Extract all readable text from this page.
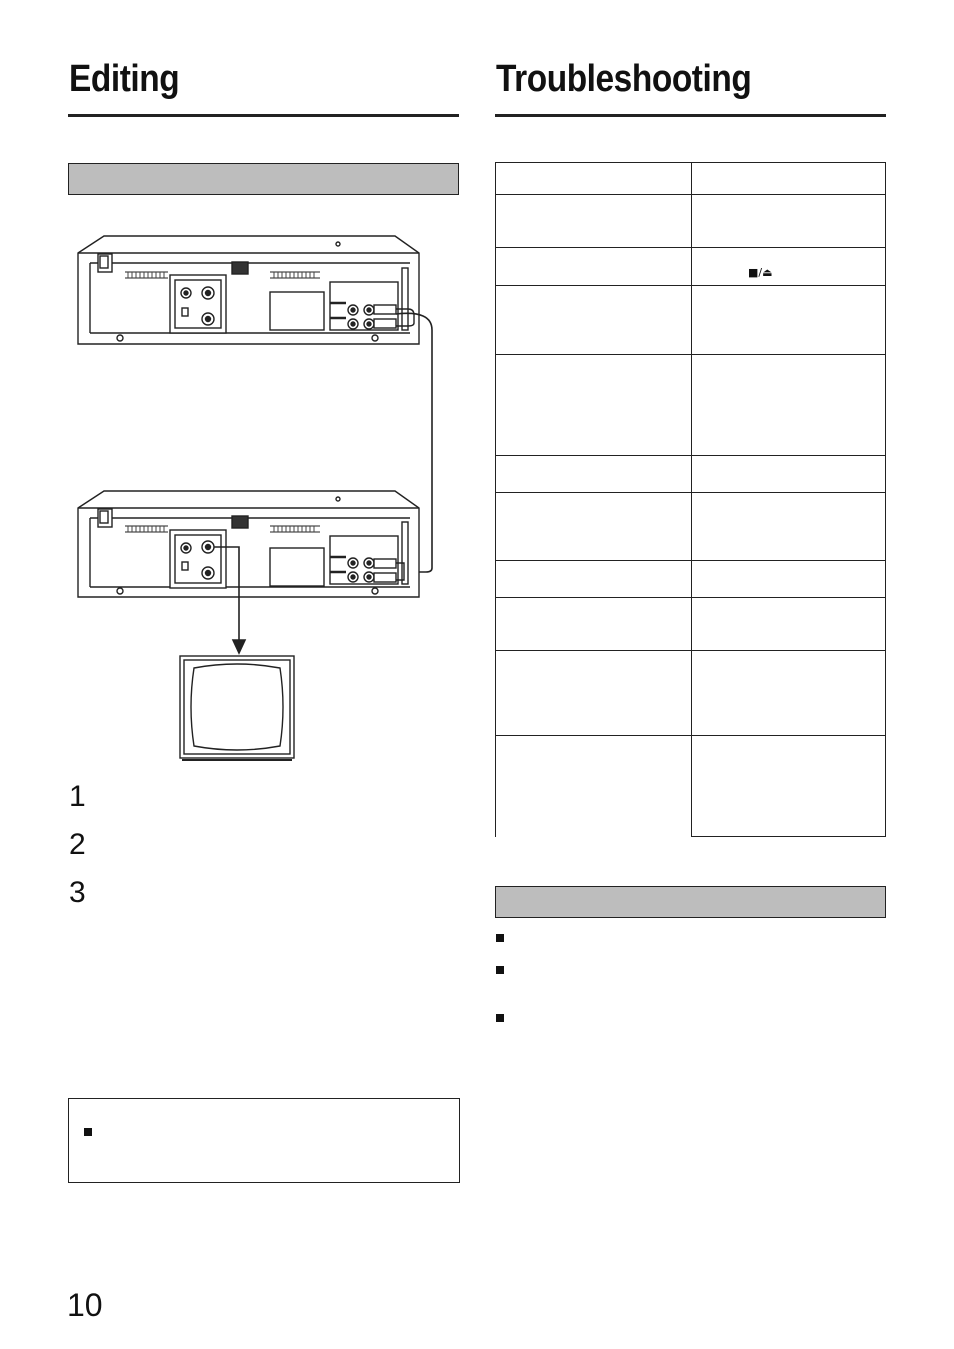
Editing	Troubleshooting
1
2
3

	■/⏏

10
